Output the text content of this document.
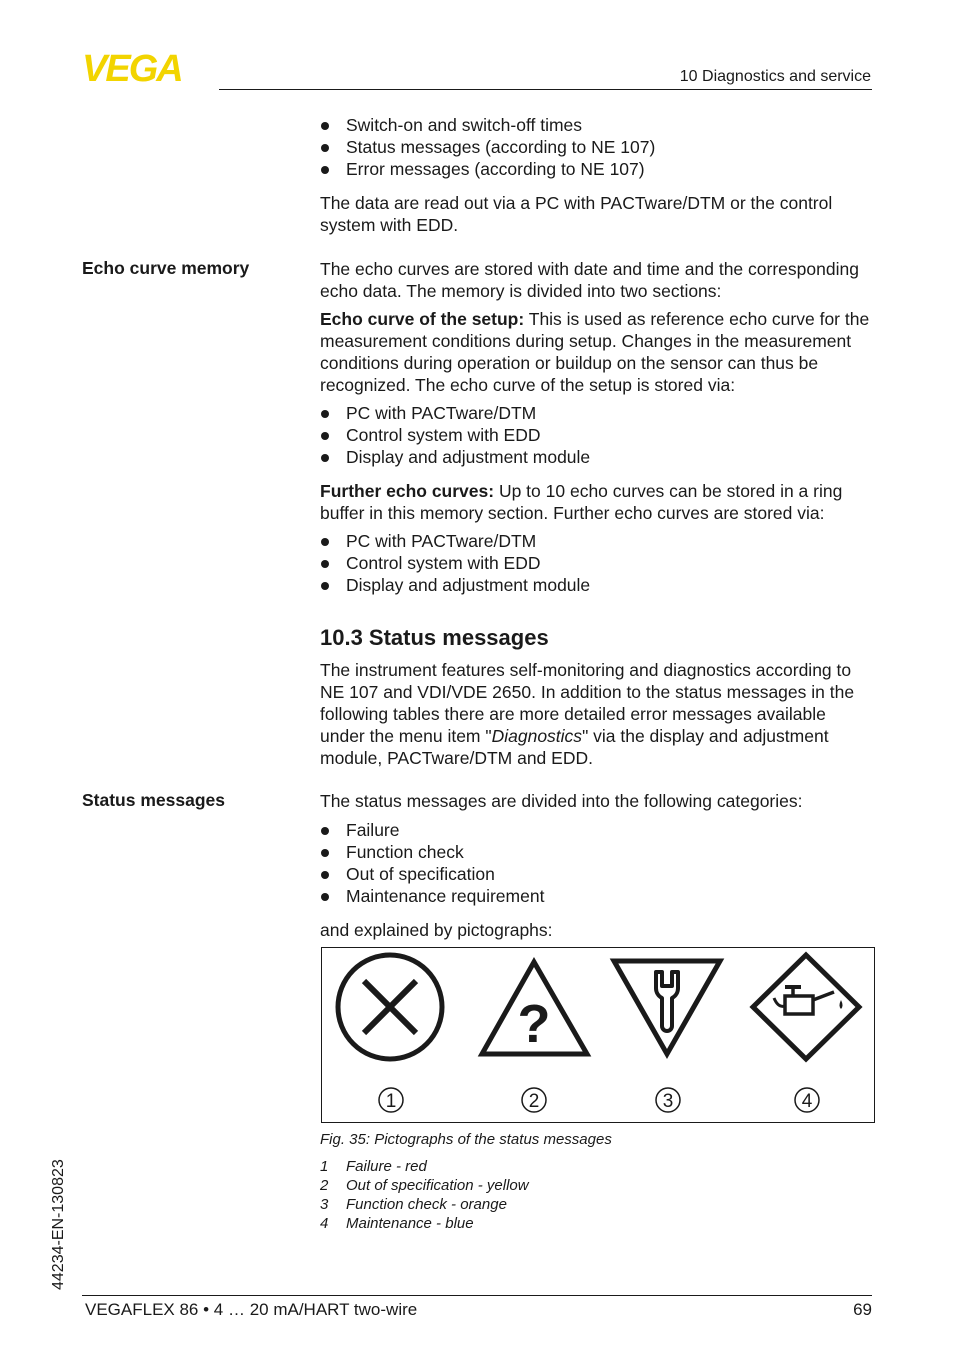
VEGA	10 Diagnostics and service
Switch-on and switch-off times
Status messages (according to NE 107)
Error messages (according to NE 107)

The data are read out via a PC with PACTware/DTM or the control system with EDD.

Echo curve memory	The echo curves are stored with date and time and the corresponding echo data. The memory is divided into two sections:

Echo curve of the setup: This is used as reference echo curve for the measurement conditions during setup. Changes in the measurement conditions during operation or buildup on the sensor can thus be recognized. The echo curve of the setup is stored via:

PC with PACTware/DTM
Control system with EDD
Display and adjustment module

Further echo curves: Up to 10 echo curves can be stored in a ring buffer in this memory section. Further echo curves are stored via:

PC with PACTware/DTM
Control system with EDD
Display and adjustment module
10.3 Status messages

The instrument features self-monitoring and diagnostics according to NE 107 and VDI/VDE 2650. In addition to the status messages in the following tables there are more detailed error messages available under the menu item "Diagnostics" via the display and adjustment module, PACTware/DTM and EDD.

Status messages	The status messages are divided into the following categories:

Failure
Function check
Out of specification
Maintenance requirement

and explained by pictographs:

?
1	2	3	4
Fig. 35: Pictographs of the status messages
1 Failure - red
2 Out of specification - yellow
3 Function check - orange
4 Maintenance - blue
44234-EN-130823
VEGAFLEX 86 • 4 … 20 mA/HART two-wire	69
